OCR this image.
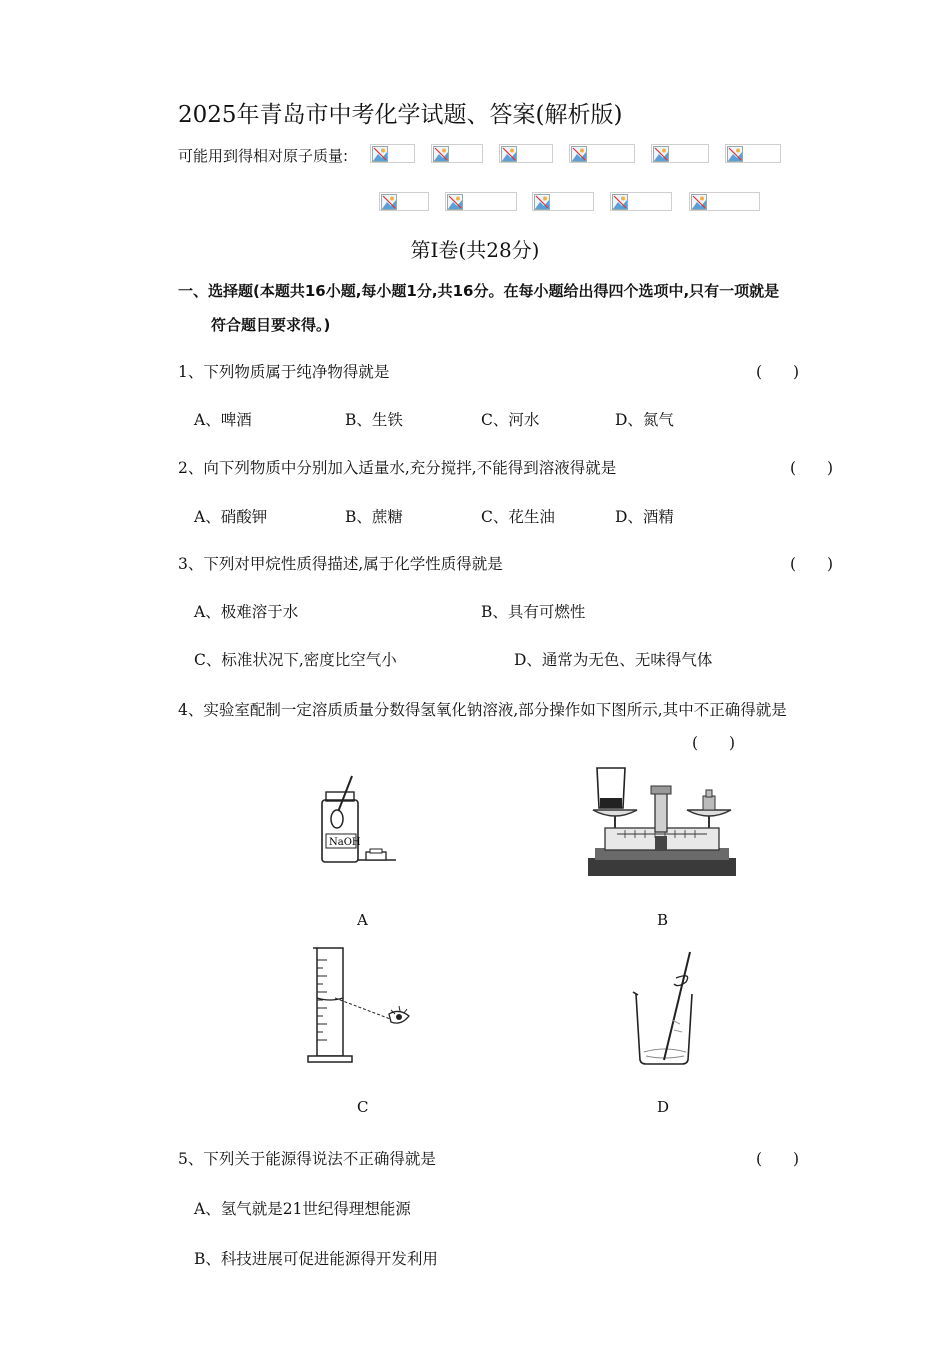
2025年青岛市中考化学试题、答案(解析版)
可能用到得相对原子质量:
第Ⅰ卷(共28分)
一、选择题(本题共16小题,每小题1分,共16分。在每小题给出得四个选项中,只有一项就是
符合题目要求得。)
1、下列物质属于纯净物得就是	(　　)
A、啤酒	B、生铁	C、河水	D、氮气
2、向下列物质中分别加入适量水,充分搅拌,不能得到溶液得就是	(　　)
A、硝酸钾	B、蔗糖	C、花生油	D、酒精
3、下列对甲烷性质得描述,属于化学性质得就是	(　　)
A、极难溶于水	B、具有可燃性
C、标准状况下,密度比空气小	D、通常为无色、无味得气体
4、实验室配制一定溶质质量分数得氢氧化钠溶液,部分操作如下图所示,其中不正确得就是
(　　)
NaOH
A	B
C	D
5、下列关于能源得说法不正确得就是	(　　)
A、氢气就是21世纪得理想能源
B、科技进展可促进能源得开发利用
